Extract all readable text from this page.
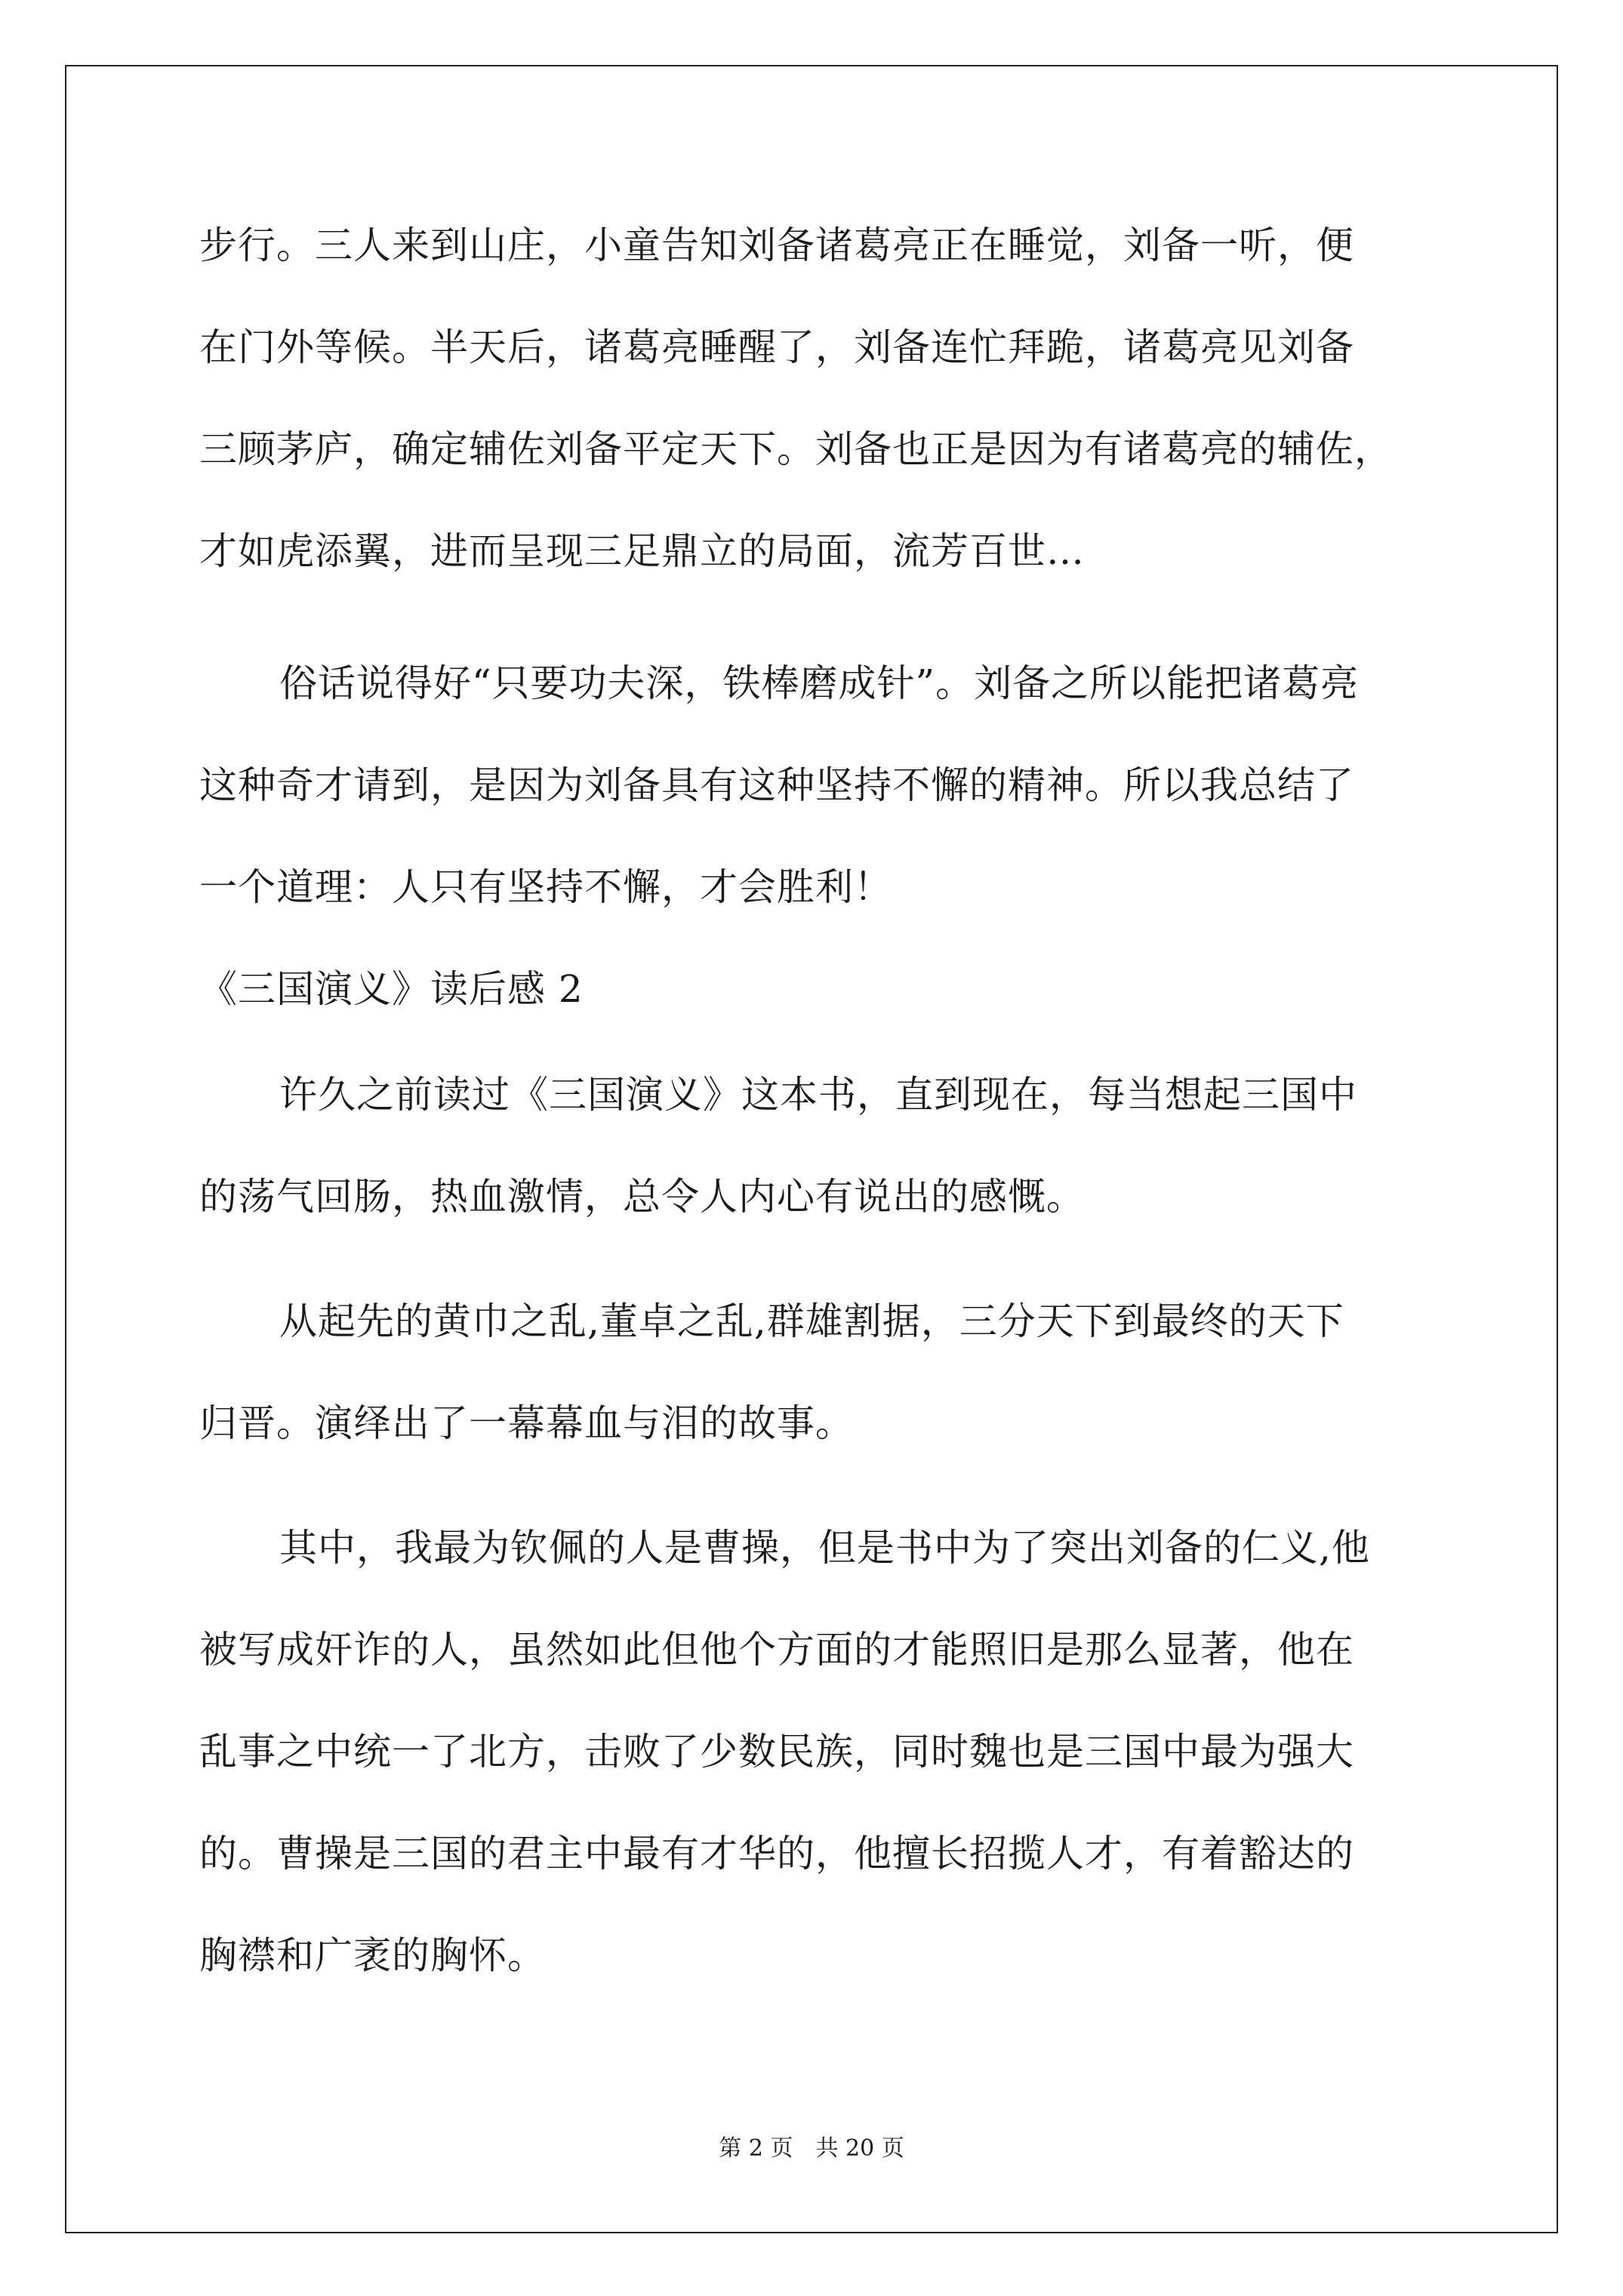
步行。三人来到山庄，小童告知刘备诸葛亮正在睡觉，刘备一听，便

在门外等候。半天后，诸葛亮睡醒了，刘备连忙拜跪，诸葛亮见刘备

三顾茅庐，确定辅佐刘备平定天下。刘备也正是因为有诸葛亮的辅佐，

才如虎添翼，进而呈现三足鼎立的局面，流芳百世…

俗话说得好“只要功夫深，铁棒磨成针”。刘备之所以能把诸葛亮

这种奇才请到，是因为刘备具有这种坚持不懈的精神。所以我总结了

一个道理：人只有坚持不懈，才会胜利！

《三国演义》读后感 2

许久之前读过《三国演义》这本书，直到现在，每当想起三国中

的荡气回肠，热血激情，总令人内心有说出的感慨。

从起先的黄巾之乱,董卓之乱,群雄割据，三分天下到最终的天下

归晋。演绎出了一幕幕血与泪的故事。

其中，我最为钦佩的人是曹操，但是书中为了突出刘备的仁义,他

被写成奸诈的人，虽然如此但他个方面的才能照旧是那么显著，他在

乱事之中统一了北方，击败了少数民族，同时魏也是三国中最为强大

的。曹操是三国的君主中最有才华的，他擅长招揽人才，有着豁达的

胸襟和广袤的胸怀。

第 2 页　共 20 页
